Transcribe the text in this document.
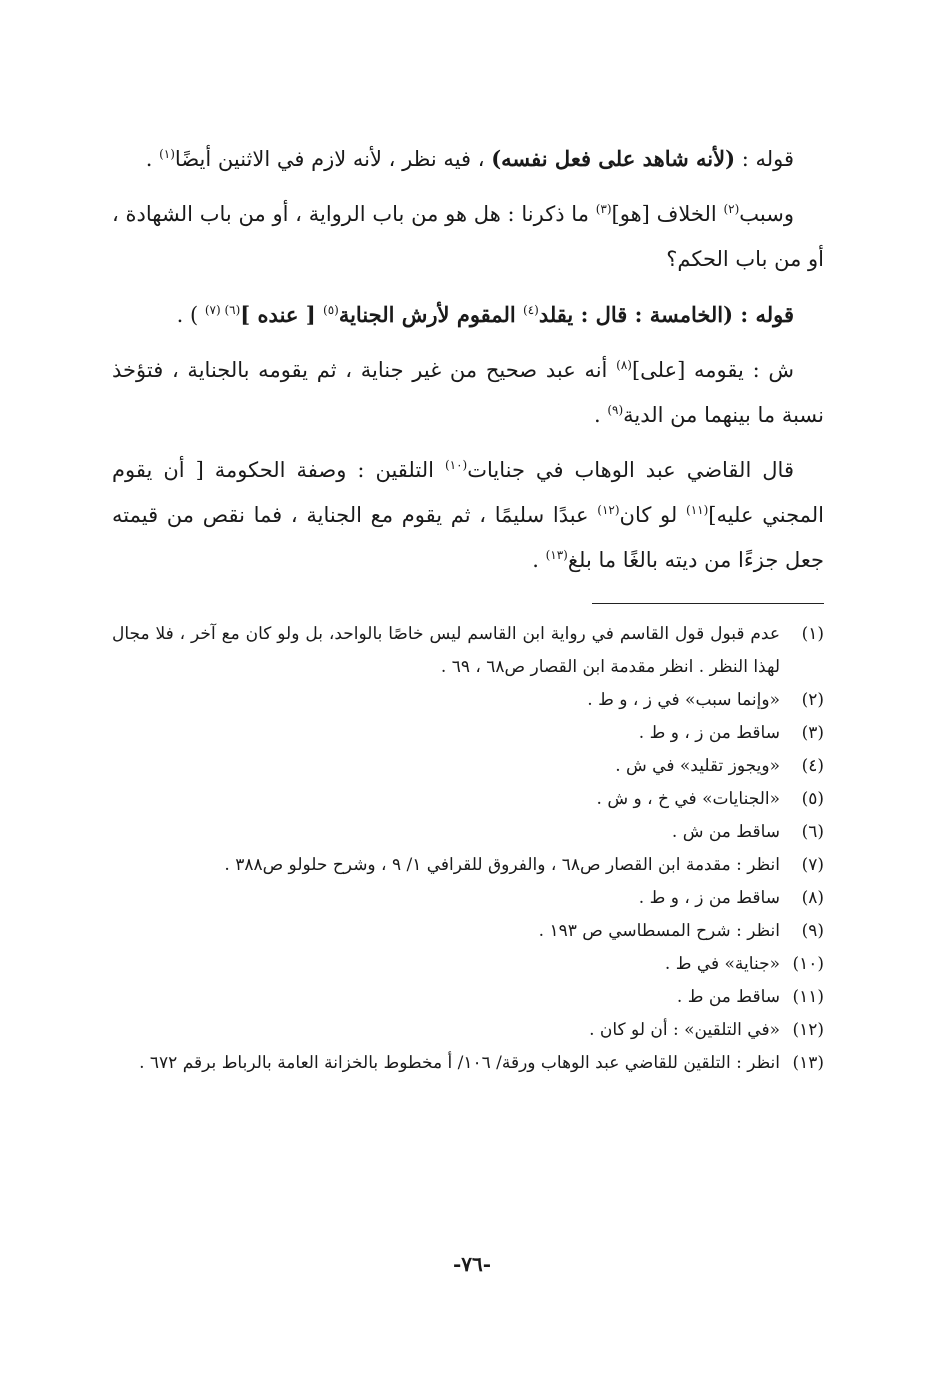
قوله : (لأنه شاهد على فعل نفسه) ، فيه نظر ، لأنه لازم في الاثنين أيضًا$^{(١)}$ .

وسبب$^{(٢)}$ الخلاف [هو]$^{(٣)}$ ما ذكرنا : هل هو من باب الرواية ، أو من باب الشهادة ، أو من باب الحكم؟

قوله : (الخامسة : قال : يقلد$^{(٤)}$ المقوم لأرش الجناية$^{(٥)}$ [ عنده ]$^{(٦)}$ $^{(٧)}$ ) .

ش : يقومه [على]$^{(٨)}$ أنه عبد صحيح من غير جناية ، ثم يقومه بالجناية ، فتؤخذ نسبة ما بينهما من الدية$^{(٩)}$ .

قال القاضي عبد الوهاب في جنايات$^{(١٠)}$ التلقين : وصفة الحكومة [ أن يقوم المجني عليه]$^{(١١)}$ لو كان$^{(١٢)}$ عبدًا سليمًا ، ثم يقوم مع الجناية ، فما نقص من قيمته جعل جزءًا من ديته بالغًا ما بلغ$^{(١٣)}$ .

(١)
عدم قبول قول القاسم في رواية ابن القاسم ليس خاصًا بالواحد، بل ولو كان مع آخر ، فلا مجال لهذا النظر . انظر مقدمة ابن القصار ص٦٨ ، ٦٩ .
(٢)
«وإنما سبب» في ز ، و ط .
(٣)
ساقط من ز ، و ط .
(٤)
«ويجوز تقليد» في ش .
(٥)
«الجنايات» في خ ، و ش .
(٦)
ساقط من ش .
(٧)
انظر : مقدمة ابن القصار ص٦٨ ، والفروق للقرافي ١/ ٩ ، وشرح حلولو ص٣٨٨ .
(٨)
ساقط من ز ، و ط .
(٩)
انظر : شرح المسطاسي ص ١٩٣ .
(١٠)
«جناية» في ط .
(١١)
ساقط من ط .
(١٢)
«في التلقين» : أن لو كان .
(١٣)
انظر : التلقين للقاضي عبد الوهاب ورقة/ ١٠٦/ أ مخطوط بالخزانة العامة بالرباط برقم ٦٧٢ .
-٧٦-
